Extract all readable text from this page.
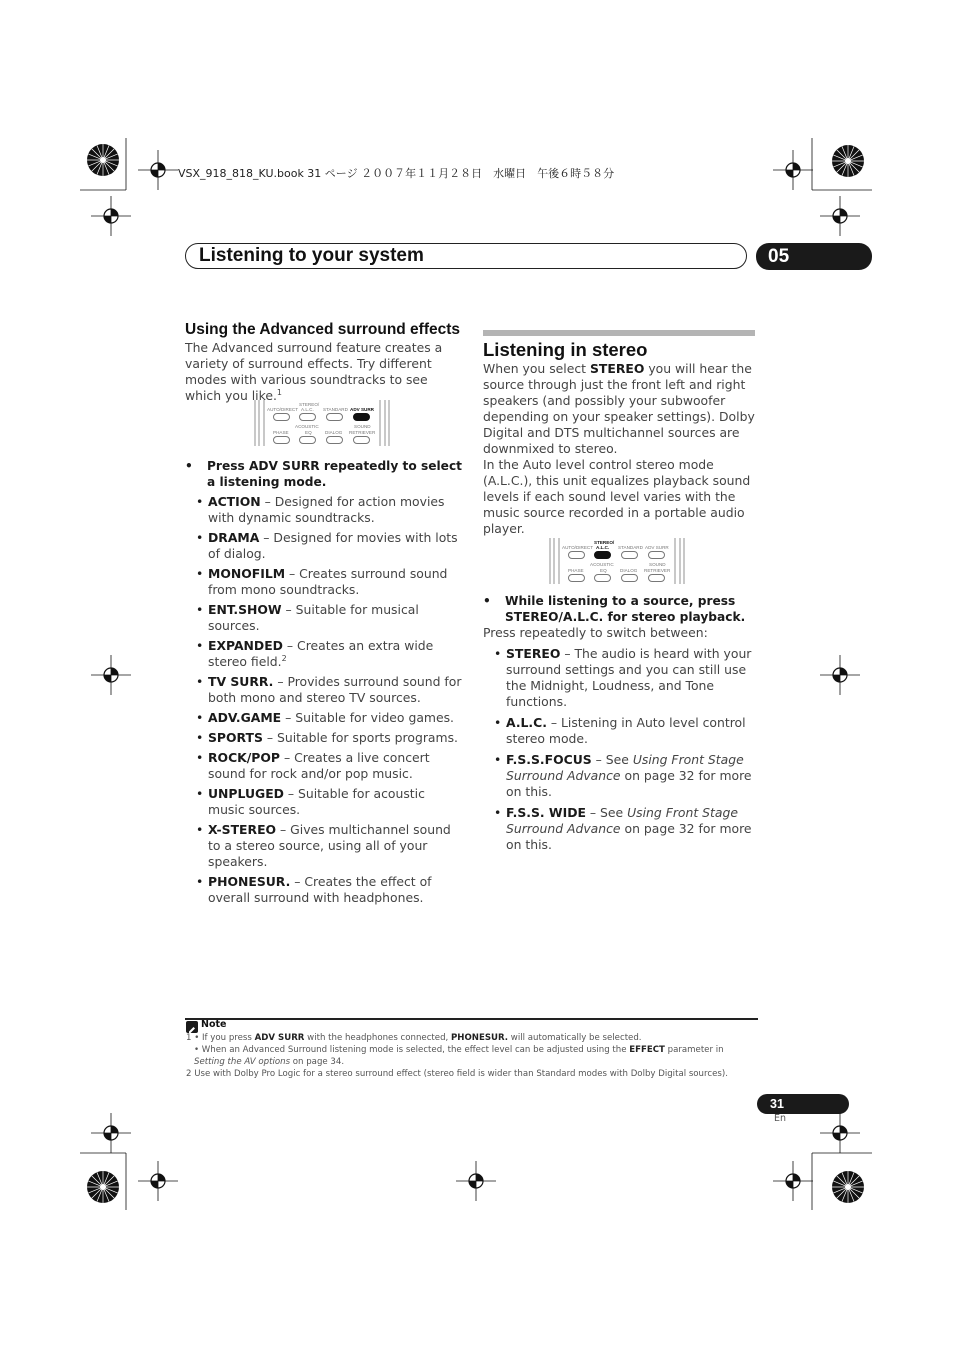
VSX_918_818_KU.book 31 ページ ２００７年１１月２８日　水曜日　午後６時５８分
Listening to your system	05
Using the Advanced surround effects

The Advanced surround feature creates a variety of surround effects. Try different modes with various soundtracks to see which you like.$^1$

AUTO/DIRECT
STEREO/
A.L.C. STANDARD ADV SURR
ACOUSTIC	SOUND
PHASE	EQ	DIALOG RETRIEVER
• Press ADV SURR repeatedly to select a listening mode.
• ACTION – Designed for action movies with dynamic soundtracks.
• DRAMA – Designed for movies with lots of dialog.
• MONOFILM – Creates surround sound from mono soundtracks.
• ENT.SHOW – Suitable for musical sources.
• EXPANDED – Creates an extra wide stereo field.$^2$
• TV SURR. – Provides surround sound for both mono and stereo TV sources.
• ADV.GAME – Suitable for video games.
• SPORTS – Suitable for sports programs.
• ROCK/POP – Creates a live concert sound for rock and/or pop music.
• UNPLUGED – Suitable for acoustic music sources.
• X-STEREO – Gives multichannel sound to a stereo source, using all of your speakers.
• PHONESUR. – Creates the effect of overall surround with headphones.
Listening in stereo

When you select STEREO you will hear the source through just the front left and right speakers (and possibly your subwoofer depending on your speaker settings). Dolby Digital and DTS multichannel sources are downmixed to stereo.

In the Auto level control stereo mode (A.L.C.), this unit equalizes playback sound levels if each sound level varies with the music source recorded in a portable audio player.

AUTO/DIRECT
STEREO/
A.L.C. STANDARD ADV SURR
ACOUSTIC	SOUND
PHASE	EQ	DIALOG RETRIEVER
• While listening to a source, press STEREO/A.L.C. for stereo playback.

Press repeatedly to switch between:

• STEREO – The audio is heard with your surround settings and you can still use the Midnight, Loudness, and Tone functions.
• A.L.C. – Listening in Auto level control stereo mode.
• F.S.S.FOCUS – See Using Front Stage Surround Advance on page 32 for more on this.
• F.S.S. WIDE – See Using Front Stage Surround Advance on page 32 for more on this.
Note
1 • If you press ADV SURR with the headphones connected, PHONESUR. will automatically be selected.
• When an Advanced Surround listening mode is selected, the effect level can be adjusted using the EFFECT parameter in
Setting the AV options on page 34.
2 Use with Dolby Pro Logic for a stereo surround effect (stereo field is wider than Standard modes with Dolby Digital sources).
31
En
